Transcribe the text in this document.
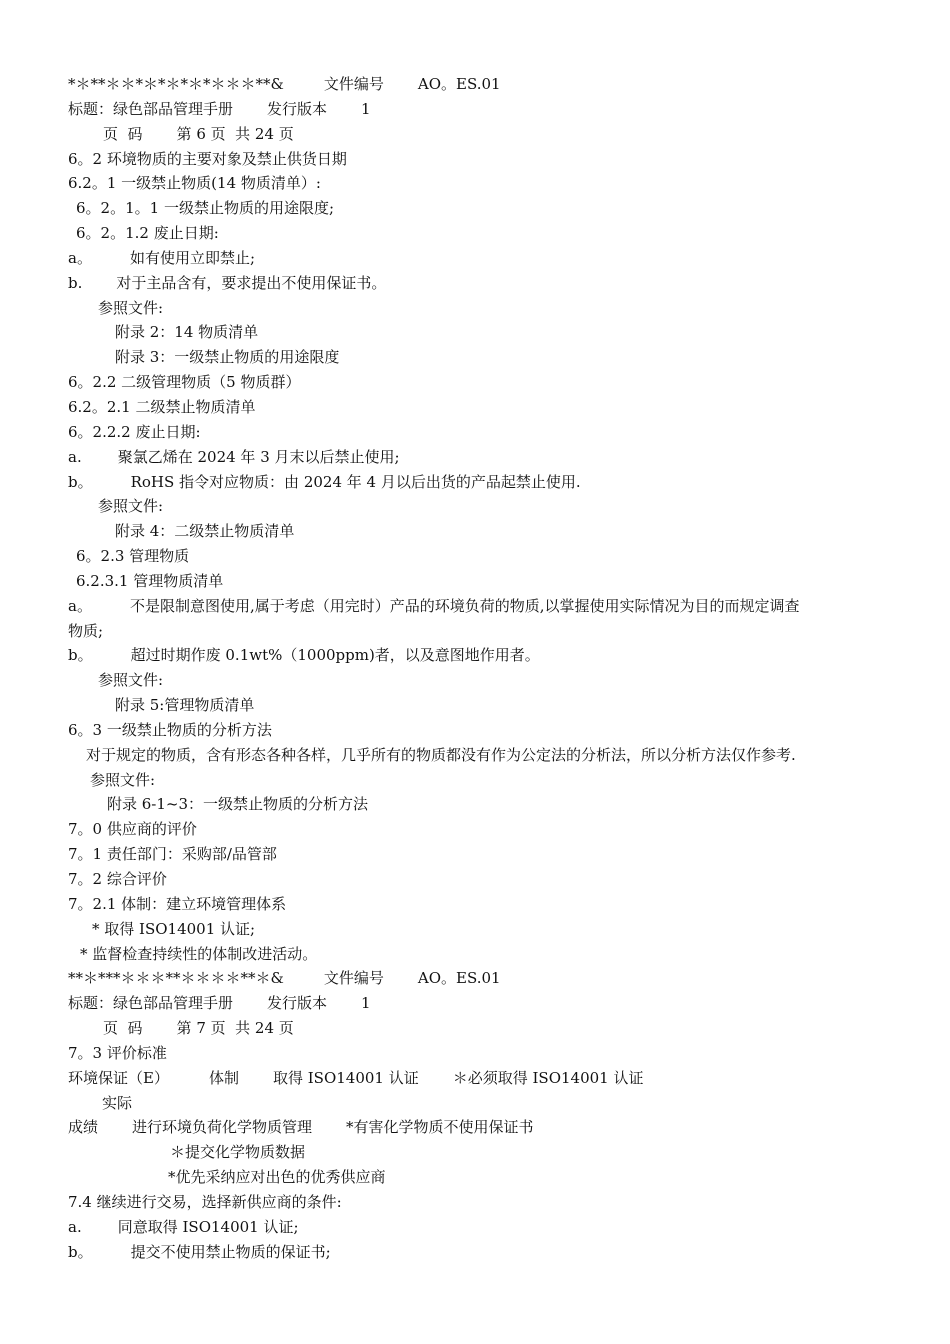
*＊**＊＊*＊*＊*＊*＊＊＊**&	文件编号 AO。ES.01
标题：绿色部品管理手册 发行版本 1
页  码 第 6 页  共 24 页
6。2 环境物质的主要对象及禁止供货日期
6.2。1 一级禁止物质(14 物质清单）:
6。2。1。1 一级禁止物质的用途限度;
6。2。1.2 废止日期:
a。	如有使用立即禁止;
b. 对于主品含有，要求提出不使用保证书。
参照文件:
附录 2：14 物质清单
附录 3：一级禁止物质的用途限度
6。2.2 二级管理物质（5 物质群）
6.2。2.1 二级禁止物质清单
6。2.2.2 废止日期:
a. 聚氯乙烯在 2024 年 3 月末以后禁止使用;
b。	RoHS 指令对应物质：由 2024 年 4 月以后出货的产品起禁止使用.
参照文件:
附录 4：二级禁止物质清单
6。2.3 管理物质
6.2.3.1 管理物质清单
a。	不是限制意图使用,属于考虑（用完时）产品的环境负荷的物质,以掌握使用实际情况为目的而规定调查
物质;
b。	超过时期作废 0.1wt%（1000ppm)者，以及意图地作用者。
参照文件:
附录 5:管理物质清单
6。3 一级禁止物质的分析方法
对于规定的物质，含有形态各种各样，几乎所有的物质都没有作为公定法的分析法，所以分析方法仅作参考.
参照文件:
附录 6-1~3：一级禁止物质的分析方法
7。0 供应商的评价
7。1 责任部门：采购部/品管部
7。2 综合评价
7。2.1 体制：建立环境管理体系
* 取得 ISO14001 认证;
* 监督检查持续性的体制改进活动。
**＊***＊＊＊**＊＊＊＊**＊&	文件编号 AO。ES.01
标题：绿色部品管理手册 发行版本 1
页  码 第 7 页  共 24 页
7。3 评价标准
环境保证（E）	体制 取得 ISO14001 认证 ＊必须取得 ISO14001 认证
实际
成绩 进行环境负荷化学物质管理 *有害化学物质不使用保证书
＊提交化学物质数据
*优先采纳应对出色的优秀供应商
7.4 继续进行交易，选择新供应商的条件:
a. 同意取得 ISO14001 认证;
b。	提交不使用禁止物质的保证书;
